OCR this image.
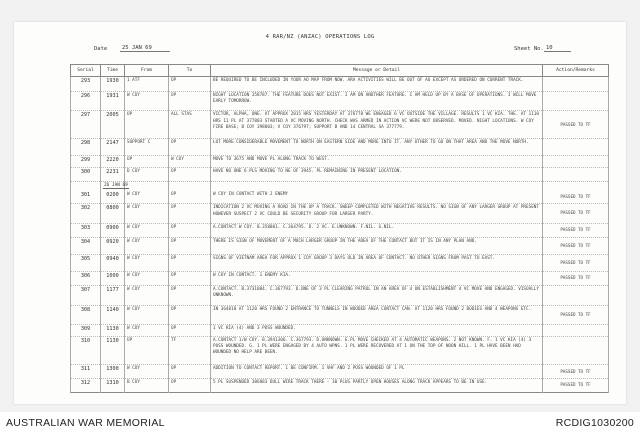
4 RAR/NZ (ANZAC) OPERATIONS LOG
Date	25 JAN 69	Sheet No. 10
Serial	Time	From	To	Message or Detail	Action/Remarks
293	1930	1 ATF	OP	BE REQUIRED TO BE INCLUDED IN YOUR AO MAP FROM NOW. ARA ACTIVITIES WILL BE OUT OF AO EXCEPT AS ORDERED ON CURRENT TRACK.	
296	1931	W COY	OP	NIGHT LOCATION 358787. THE FEATURE DOES NOT EXIST. I AM ON ANOTHER FEATURE. I AM HELD UP BY A BASE OF OPERATIONS. I WILL MOVE EARLY TOMORROW.	
297	2005	OP	ALL STAS	VICTOR, ALPHA, ONE. AT APPROX 2015 HRS YESTERDAY AT 376778 WE ENGAGED 6 VC OUTSIDE THE VILLAGE. RESULTS 1 VC KIA. THE. AT 1110 HRS 11 PL AT 377803 STARTED A VC MOVING NORTH. CHECK WAS ARMED IN ACTION VC WERE NOT OBSERVED. MOVED. NIGHT LOCATIONS. W COY FIRE BASE; B COY 398803; V COY 376797; SUPPORT B AND 14 CENTRAL SA 377779.	PASSED TO TF
298	2147	SUPPORT C	OP	LOT MORE CONSIDERABLE MOVEMENT TO NORTH ON EASTERN SIDE AND MORE INTO IT. ANY OTHER TO GO ON THAT AREA AND THE MOVE NORTH.	
299	2220	OP	W COY	MOVE TO 3675 AND MOVE PL ALONG TRACK TO WEST.	
300	2231	D COY	OP	HAVE NO ONE 6 PLS MOVING TO NE OF 3945. PL REMAINING IN PRESENT LOCATION.	
	26 JAN 69				
301	0200	W COY	OP	W COY IN CONTACT WITH 2 ENEMY	PASSED TO TF
302	0800	W COY	OP	INDICATION 2 VC MOVING A ROAD IN THE UP A TRACK. SWEEP COMPLETED WITH NEGATIVE RESULTS. NO SIGN OF ANY LARGER GROUP AT PRESENT HOWEVER SUSPECT 2 VC COULD BE SECURITY GROUP FOR LARGER PARTY.	PASSED TO TF
303	0900	W COY	OP	A.CONTACT W COY. B.358801. C.364795. D. 2 VC. E.UNKNOWN. F.NIL. G.NIL.	PASSED TO TF
304	0920	W COY	OP	THERE IS SIGN OF MOVEMENT OF A MUCH LARGER GROUP IN THE AREA OF THE CONTACT BUT IT IS IN ANY PLAN AND.	PASSED TO TF
305	0940	W COY	OP	SIGNS OF VIETNAM AREA FOR APPROX 1 COY GROUP 3 DAYS OLD IN AREA OF CONTACT. NO OTHER SIGNS FROM PAST TO EAST.	PASSED TO TF
306	1000	W COY	OP	W COY IN CONTACT. 1 ENEMY KIA.	PASSED TO TF
307	1177	W COY	OP	A.CONTACT. B.3731084. C.367793. D.ONE OF 3 PL CLEARING PATROL IN AN AREA OF 4 ON ESTABLISHMENT 4 VC MOVE AND ENGAGED. VISUALLY UNKNOWN.	
308	1140	W COY	OP	IN 364818 AT 1120 HRS FOUND 2 ENTRANCE TO TUNNELS IN WOODED AREA CONTACT CAN. AT 1120 HRS FOUND 2 BODIES AND 4 WEAPONS ETC.	PASSED TO TF
309	1130	W COY	OP	1 VC KIA (4) AND 3 POSS WOUNDED.	
310	1130	OP	TF	A.CONTACT 1/W COY. B.3941306. C.367793. D.UNKNOWN. E.PL MOVE CHECKED AT 4 AUTOMATIC WEAPONS. 2 NOT KNOWN. F. 1 VC KIA (4) 3 POSS WOUNDED. G. 1 PL WERE ENGAGED BY 4 AUTO WPNS. 1 PL WERE RECOVERED AT 1 ON THE TOP OF NOON HILL. 1 PL HAVE BEEN HAD WOUNDED NO HELP ARE BEEN.	
311	1300	W COY	OP	ADDITION TO CONTACT REPORT. 1 BE CONFIRM. 1 VHF AND 2 POSS WOUNDED OF 1 PL	PASSED TO TF
312	1310	B COY	OP	5 PL SUSPENDED 386883 DULL WIRE TRACK THERE - 30 PLUS PARTLY OPEN HOUSES ALONG TRACK APPEARS TO BE IN USE.	PASSED TO TF
AUSTRALIAN WAR MEMORIAL	RCDIG1030200
